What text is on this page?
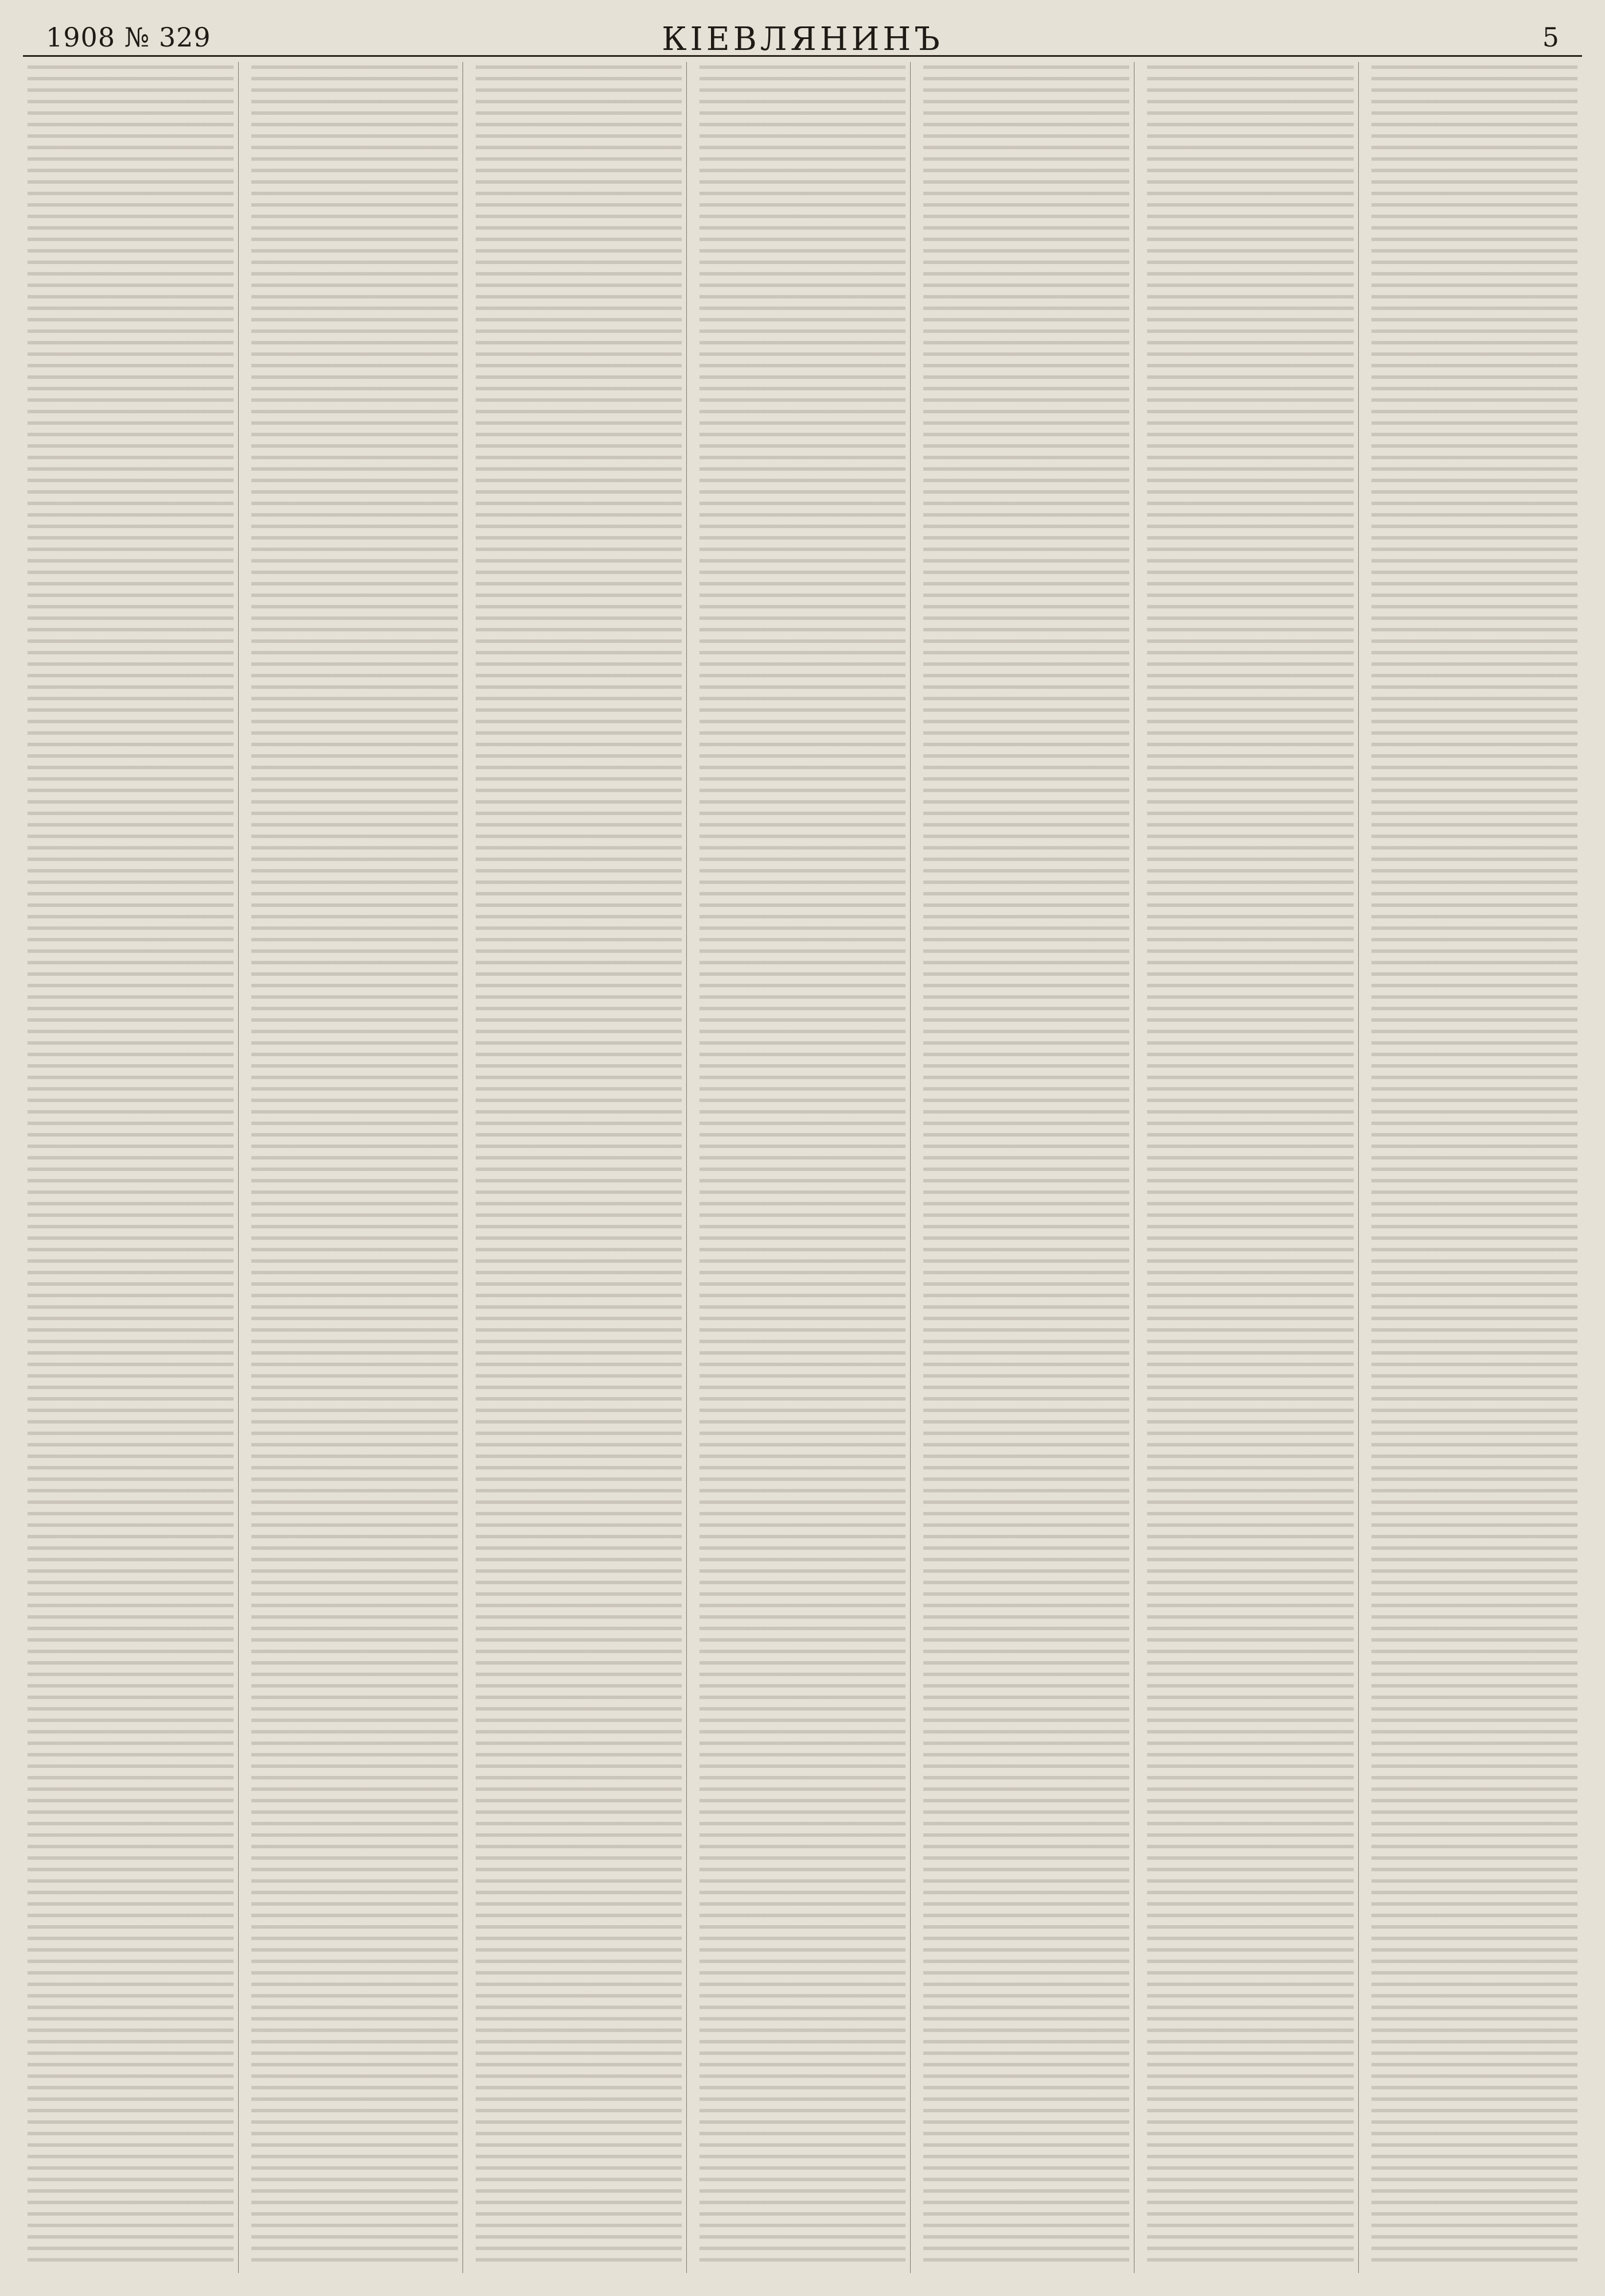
1908 № 329	КІЕВЛЯНИНЪ	5
